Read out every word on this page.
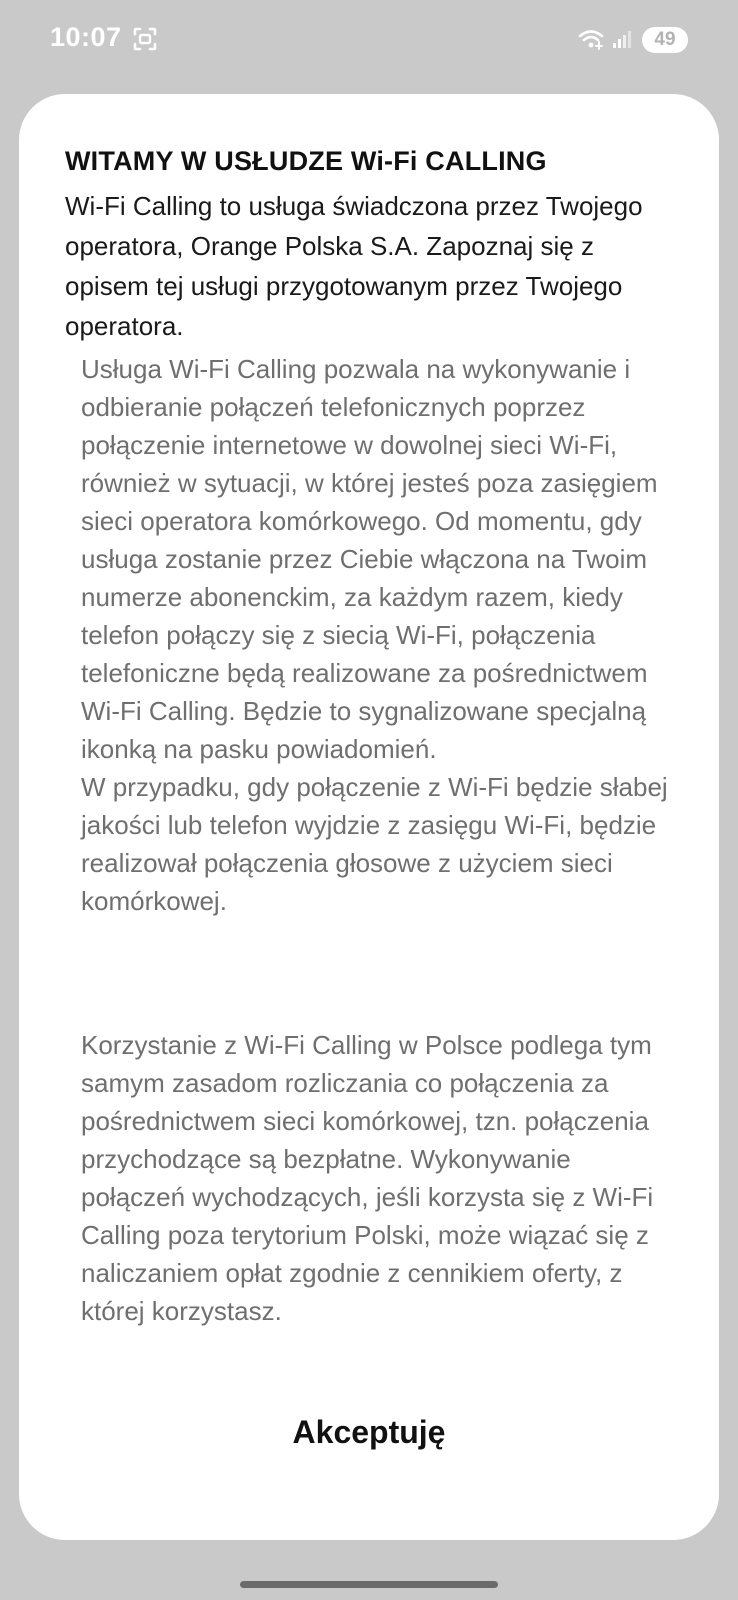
10:07	49
WITAMY W USŁUDZE Wi-Fi CALLING

Wi-Fi Calling to usługa świadczona przez Twojego operatora, Orange Polska S.A. Zapoznaj się z opisem tej usługi przygotowanym przez Twojego operatora.

Usługa Wi-Fi Calling pozwala na wykonywanie i odbieranie połączeń telefonicznych poprzez połączenie internetowe w dowolnej sieci Wi-Fi, również w sytuacji, w której jesteś poza zasięgiem sieci operatora komórkowego. Od momentu, gdy usługa zostanie przez Ciebie włączona na Twoim numerze abonenckim, za każdym razem, kiedy telefon połączy się z siecią Wi-Fi, połączenia telefoniczne będą realizowane za pośrednictwem Wi-Fi Calling. Będzie to sygnalizowane specjalną ikonką na pasku powiadomień.
W przypadku, gdy połączenie z Wi-Fi będzie słabej jakości lub telefon wyjdzie z zasięgu Wi-Fi, będzie realizował połączenia głosowe z użyciem sieci komórkowej.

Korzystanie z Wi-Fi Calling w Polsce podlega tym samym zasadom rozliczania co połączenia za pośrednictwem sieci komórkowej, tzn. połączenia przychodzące są bezpłatne. Wykonywanie połączeń wychodzących, jeśli korzysta się z Wi-Fi Calling poza terytorium Polski, może wiązać się z naliczaniem opłat zgodnie z cennikiem oferty, z której korzystasz.

Akceptuję
